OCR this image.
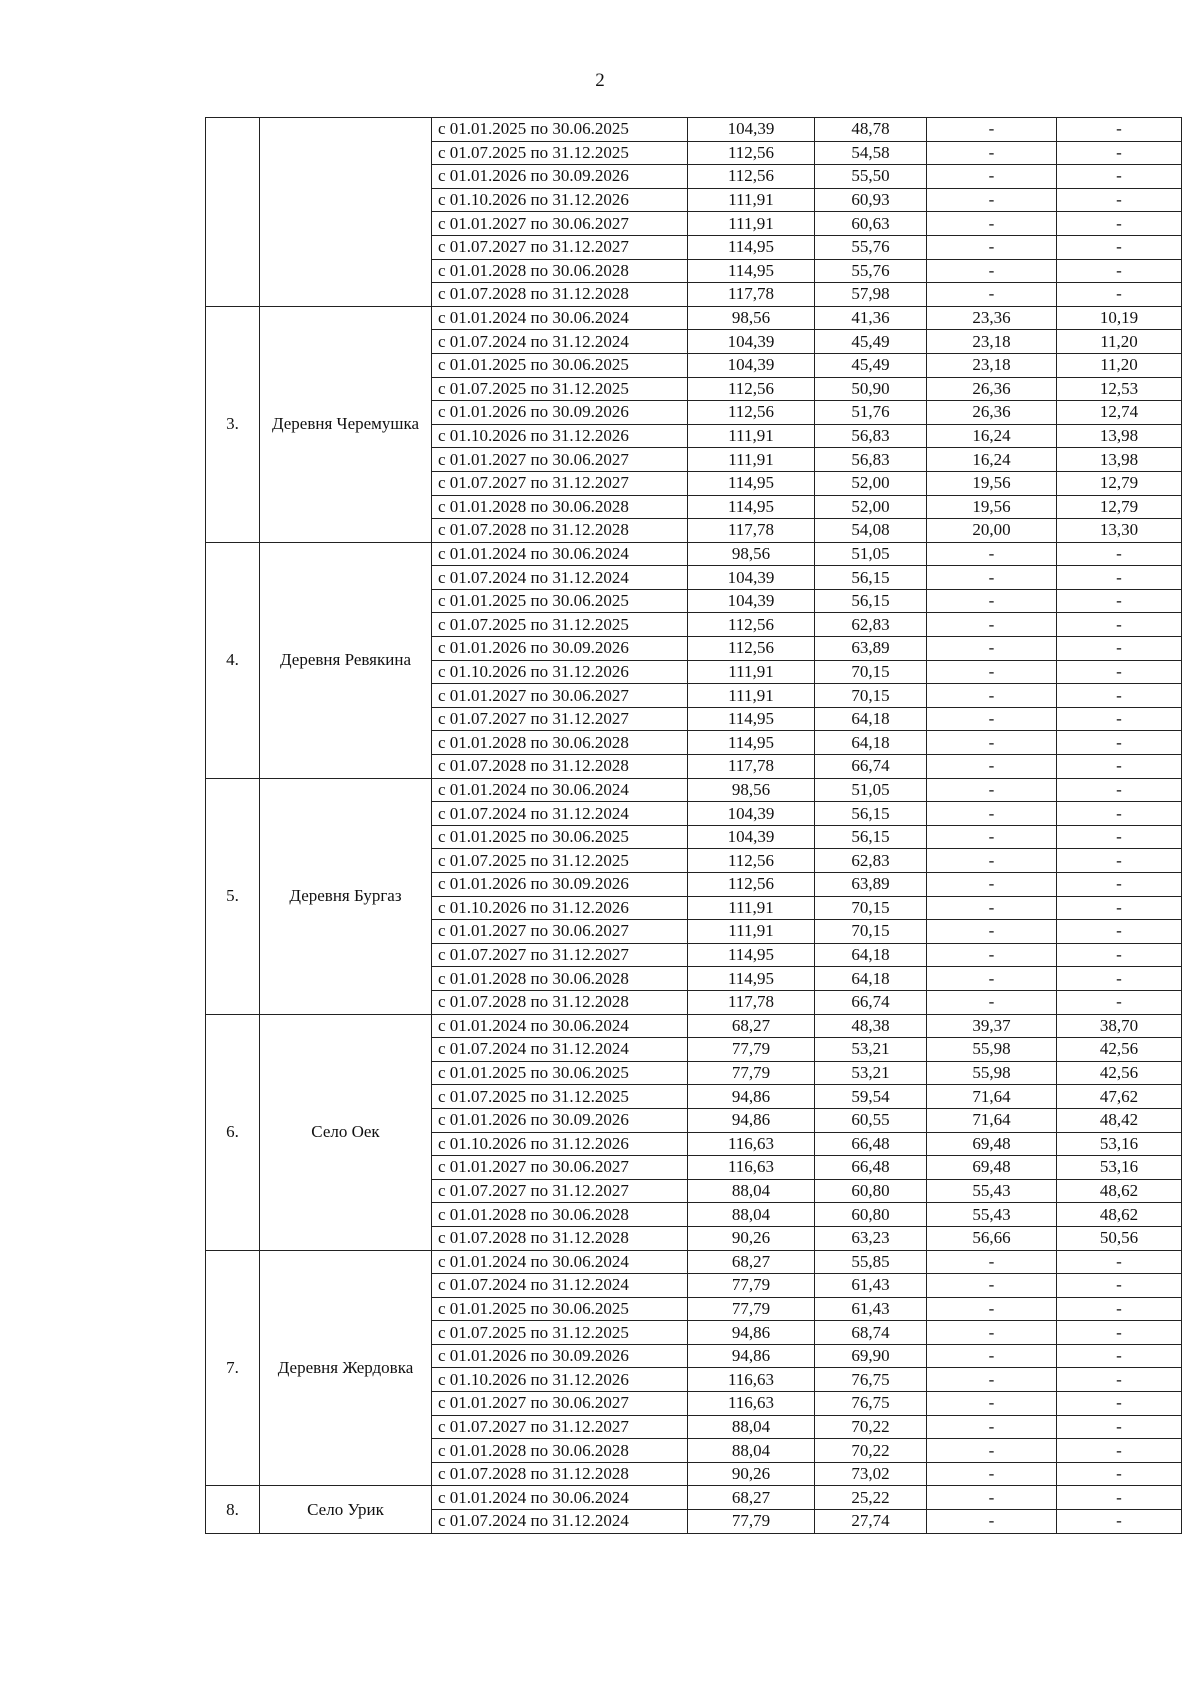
2
		с 01.01.2025 по 30.06.2025	104,39	48,78	-	-
		с 01.07.2025 по 31.12.2025	112,56	54,58	-	-
		с 01.01.2026 по 30.09.2026	112,56	55,50	-	-
		с 01.10.2026 по 31.12.2026	111,91	60,93	-	-
		с 01.01.2027 по 30.06.2027	111,91	60,63	-	-
		с 01.07.2027 по 31.12.2027	114,95	55,76	-	-
		с 01.01.2028 по 30.06.2028	114,95	55,76	-	-
		с 01.07.2028 по 31.12.2028	117,78	57,98	-	-
3.	Деревня Черемушка	с 01.01.2024 по 30.06.2024	98,56	41,36	23,36	10,19
		с 01.07.2024 по 31.12.2024	104,39	45,49	23,18	11,20
		с 01.01.2025 по 30.06.2025	104,39	45,49	23,18	11,20
		с 01.07.2025 по 31.12.2025	112,56	50,90	26,36	12,53
		с 01.01.2026 по 30.09.2026	112,56	51,76	26,36	12,74
		с 01.10.2026 по 31.12.2026	111,91	56,83	16,24	13,98
		с 01.01.2027 по 30.06.2027	111,91	56,83	16,24	13,98
		с 01.07.2027 по 31.12.2027	114,95	52,00	19,56	12,79
		с 01.01.2028 по 30.06.2028	114,95	52,00	19,56	12,79
		с 01.07.2028 по 31.12.2028	117,78	54,08	20,00	13,30
4.	Деревня Ревякина	с 01.01.2024 по 30.06.2024	98,56	51,05	-	-
		с 01.07.2024 по 31.12.2024	104,39	56,15	-	-
		с 01.01.2025 по 30.06.2025	104,39	56,15	-	-
		с 01.07.2025 по 31.12.2025	112,56	62,83	-	-
		с 01.01.2026 по 30.09.2026	112,56	63,89	-	-
		с 01.10.2026 по 31.12.2026	111,91	70,15	-	-
		с 01.01.2027 по 30.06.2027	111,91	70,15	-	-
		с 01.07.2027 по 31.12.2027	114,95	64,18	-	-
		с 01.01.2028 по 30.06.2028	114,95	64,18	-	-
		с 01.07.2028 по 31.12.2028	117,78	66,74	-	-
5.	Деревня Бургаз	с 01.01.2024 по 30.06.2024	98,56	51,05	-	-
		с 01.07.2024 по 31.12.2024	104,39	56,15	-	-
		с 01.01.2025 по 30.06.2025	104,39	56,15	-	-
		с 01.07.2025 по 31.12.2025	112,56	62,83	-	-
		с 01.01.2026 по 30.09.2026	112,56	63,89	-	-
		с 01.10.2026 по 31.12.2026	111,91	70,15	-	-
		с 01.01.2027 по 30.06.2027	111,91	70,15	-	-
		с 01.07.2027 по 31.12.2027	114,95	64,18	-	-
		с 01.01.2028 по 30.06.2028	114,95	64,18	-	-
		с 01.07.2028 по 31.12.2028	117,78	66,74	-	-
6.	Село Оек	с 01.01.2024 по 30.06.2024	68,27	48,38	39,37	38,70
		с 01.07.2024 по 31.12.2024	77,79	53,21	55,98	42,56
		с 01.01.2025 по 30.06.2025	77,79	53,21	55,98	42,56
		с 01.07.2025 по 31.12.2025	94,86	59,54	71,64	47,62
		с 01.01.2026 по 30.09.2026	94,86	60,55	71,64	48,42
		с 01.10.2026 по 31.12.2026	116,63	66,48	69,48	53,16
		с 01.01.2027 по 30.06.2027	116,63	66,48	69,48	53,16
		с 01.07.2027 по 31.12.2027	88,04	60,80	55,43	48,62
		с 01.01.2028 по 30.06.2028	88,04	60,80	55,43	48,62
		с 01.07.2028 по 31.12.2028	90,26	63,23	56,66	50,56
7.	Деревня Жердовка	с 01.01.2024 по 30.06.2024	68,27	55,85	-	-
		с 01.07.2024 по 31.12.2024	77,79	61,43	-	-
		с 01.01.2025 по 30.06.2025	77,79	61,43	-	-
		с 01.07.2025 по 31.12.2025	94,86	68,74	-	-
		с 01.01.2026 по 30.09.2026	94,86	69,90	-	-
		с 01.10.2026 по 31.12.2026	116,63	76,75	-	-
		с 01.01.2027 по 30.06.2027	116,63	76,75	-	-
		с 01.07.2027 по 31.12.2027	88,04	70,22	-	-
		с 01.01.2028 по 30.06.2028	88,04	70,22	-	-
		с 01.07.2028 по 31.12.2028	90,26	73,02	-	-
8.	Село Урик	с 01.01.2024 по 30.06.2024	68,27	25,22	-	-
		с 01.07.2024 по 31.12.2024	77,79	27,74	-	-
